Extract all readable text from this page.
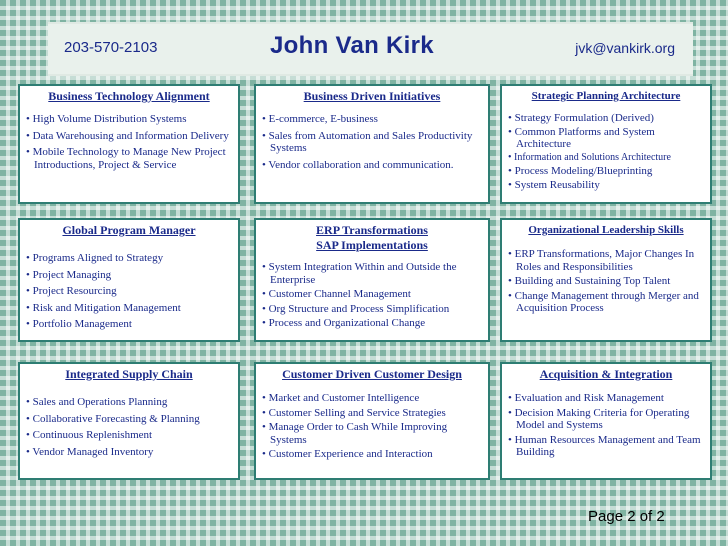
203-570-2103	John Van Kirk	jvk@vankirk.org
Business Technology Alignment
• High Volume Distribution Systems
• Data Warehousing and Information Delivery
• Mobile Technology to Manage New Project Introductions, Project & Service
Business Driven Initiatives
• E-commerce, E-business
• Sales from Automation and Sales Productivity Systems
• Vendor collaboration and communication.
Strategic Planning Architecture
• Strategy Formulation (Derived)
• Common Platforms and System Architecture
• Information and Solutions Architecture
• Process Modeling/Blueprinting
• System Reusability
Global Program Manager
• Programs Aligned to Strategy
• Project Managing
• Project Resourcing
• Risk and Mitigation Management
• Portfolio Management
ERP Transformations
SAP Implementations
• System Integration Within and Outside the Enterprise
• Customer Channel Management
• Org Structure and Process Simplification
• Process and Organizational Change
Organizational Leadership Skills
• ERP Transformations, Major Changes In Roles and Responsibilities
• Building and Sustaining Top Talent
• Change Management through Merger and Acquisition Process
Integrated Supply Chain
• Sales and Operations Planning
• Collaborative Forecasting & Planning
• Continuous Replenishment
• Vendor Managed Inventory
Customer Driven Customer Design
• Market and Customer Intelligence
• Customer Selling and Service Strategies
• Manage Order to Cash While Improving Systems
• Customer Experience and Interaction
Acquisition & Integration
• Evaluation and Risk Management
• Decision Making Criteria for Operating Model and Systems
• Human Resources Management and Team Building
Page 2 of 2
